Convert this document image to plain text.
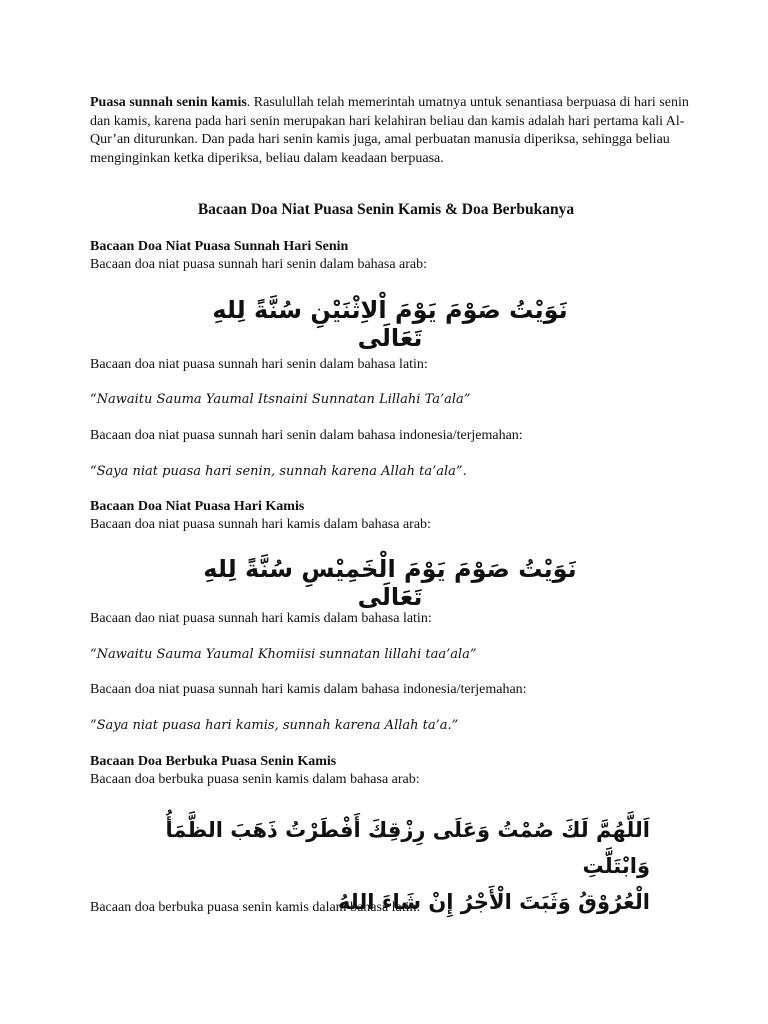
Puasa sunnah senin kamis. Rasulullah telah memerintah umatnya untuk senantiasa berpuasa di hari senin dan kamis, karena pada hari senin merupakan hari kelahiran beliau dan kamis adalah hari pertama kali Al-Qur’an diturunkan. Dan pada hari senin kamis juga, amal perbuatan manusia diperiksa, sehingga beliau menginginkan ketka diperiksa, beliau dalam keadaan berpuasa.

Bacaan Doa Niat Puasa Senin Kamis & Doa Berbukanya

Bacaan Doa Niat Puasa Sunnah Hari Senin

Bacaan doa niat puasa sunnah hari senin dalam bahasa arab:

نَوَيْتُ صَوْمَ يَوْمَ اْلاِثْنَيْنِ سُنَّةً لِلهِ تَعَالَى

Bacaan doa niat puasa sunnah hari senin dalam bahasa latin:

“Nawaitu Sauma Yaumal Itsnaini Sunnatan Lillahi Ta’ala”

Bacaan doa niat puasa sunnah hari senin dalam bahasa indonesia/terjemahan:

“Saya niat puasa hari senin, sunnah karena Allah ta’ala”.

Bacaan Doa Niat Puasa Hari Kamis

Bacaan doa niat puasa sunnah hari kamis dalam bahasa arab:

نَوَيْتُ صَوْمَ يَوْمَ الْخَمِيْسِ سُنَّةً لِلهِ تَعَالَى

Bacaan dao niat puasa sunnah hari kamis dalam bahasa latin:

“Nawaitu Sauma Yaumal Khomiisi sunnatan lillahi taa’ala”

Bacaan doa niat puasa sunnah hari kamis dalam bahasa indonesia/terjemahan:

“Saya niat puasa hari kamis, sunnah karena Allah ta’a.”

Bacaan Doa Berbuka Puasa Senin Kamis

Bacaan doa berbuka puasa senin kamis dalam bahasa arab:

اَللَّهُمَّ لَكَ صُمْتُ وَعَلَى رِزْقِكَ أَفْطَرْتُ ذَهَبَ الظَّمَأُ وَابْتَلَّتِ
الْعُرُوْقُ وَثَبَتَ الْأَجْرُ إِنْ شَاءَ اللهُ

Bacaan doa berbuka puasa senin kamis dalam bahasa latin:
